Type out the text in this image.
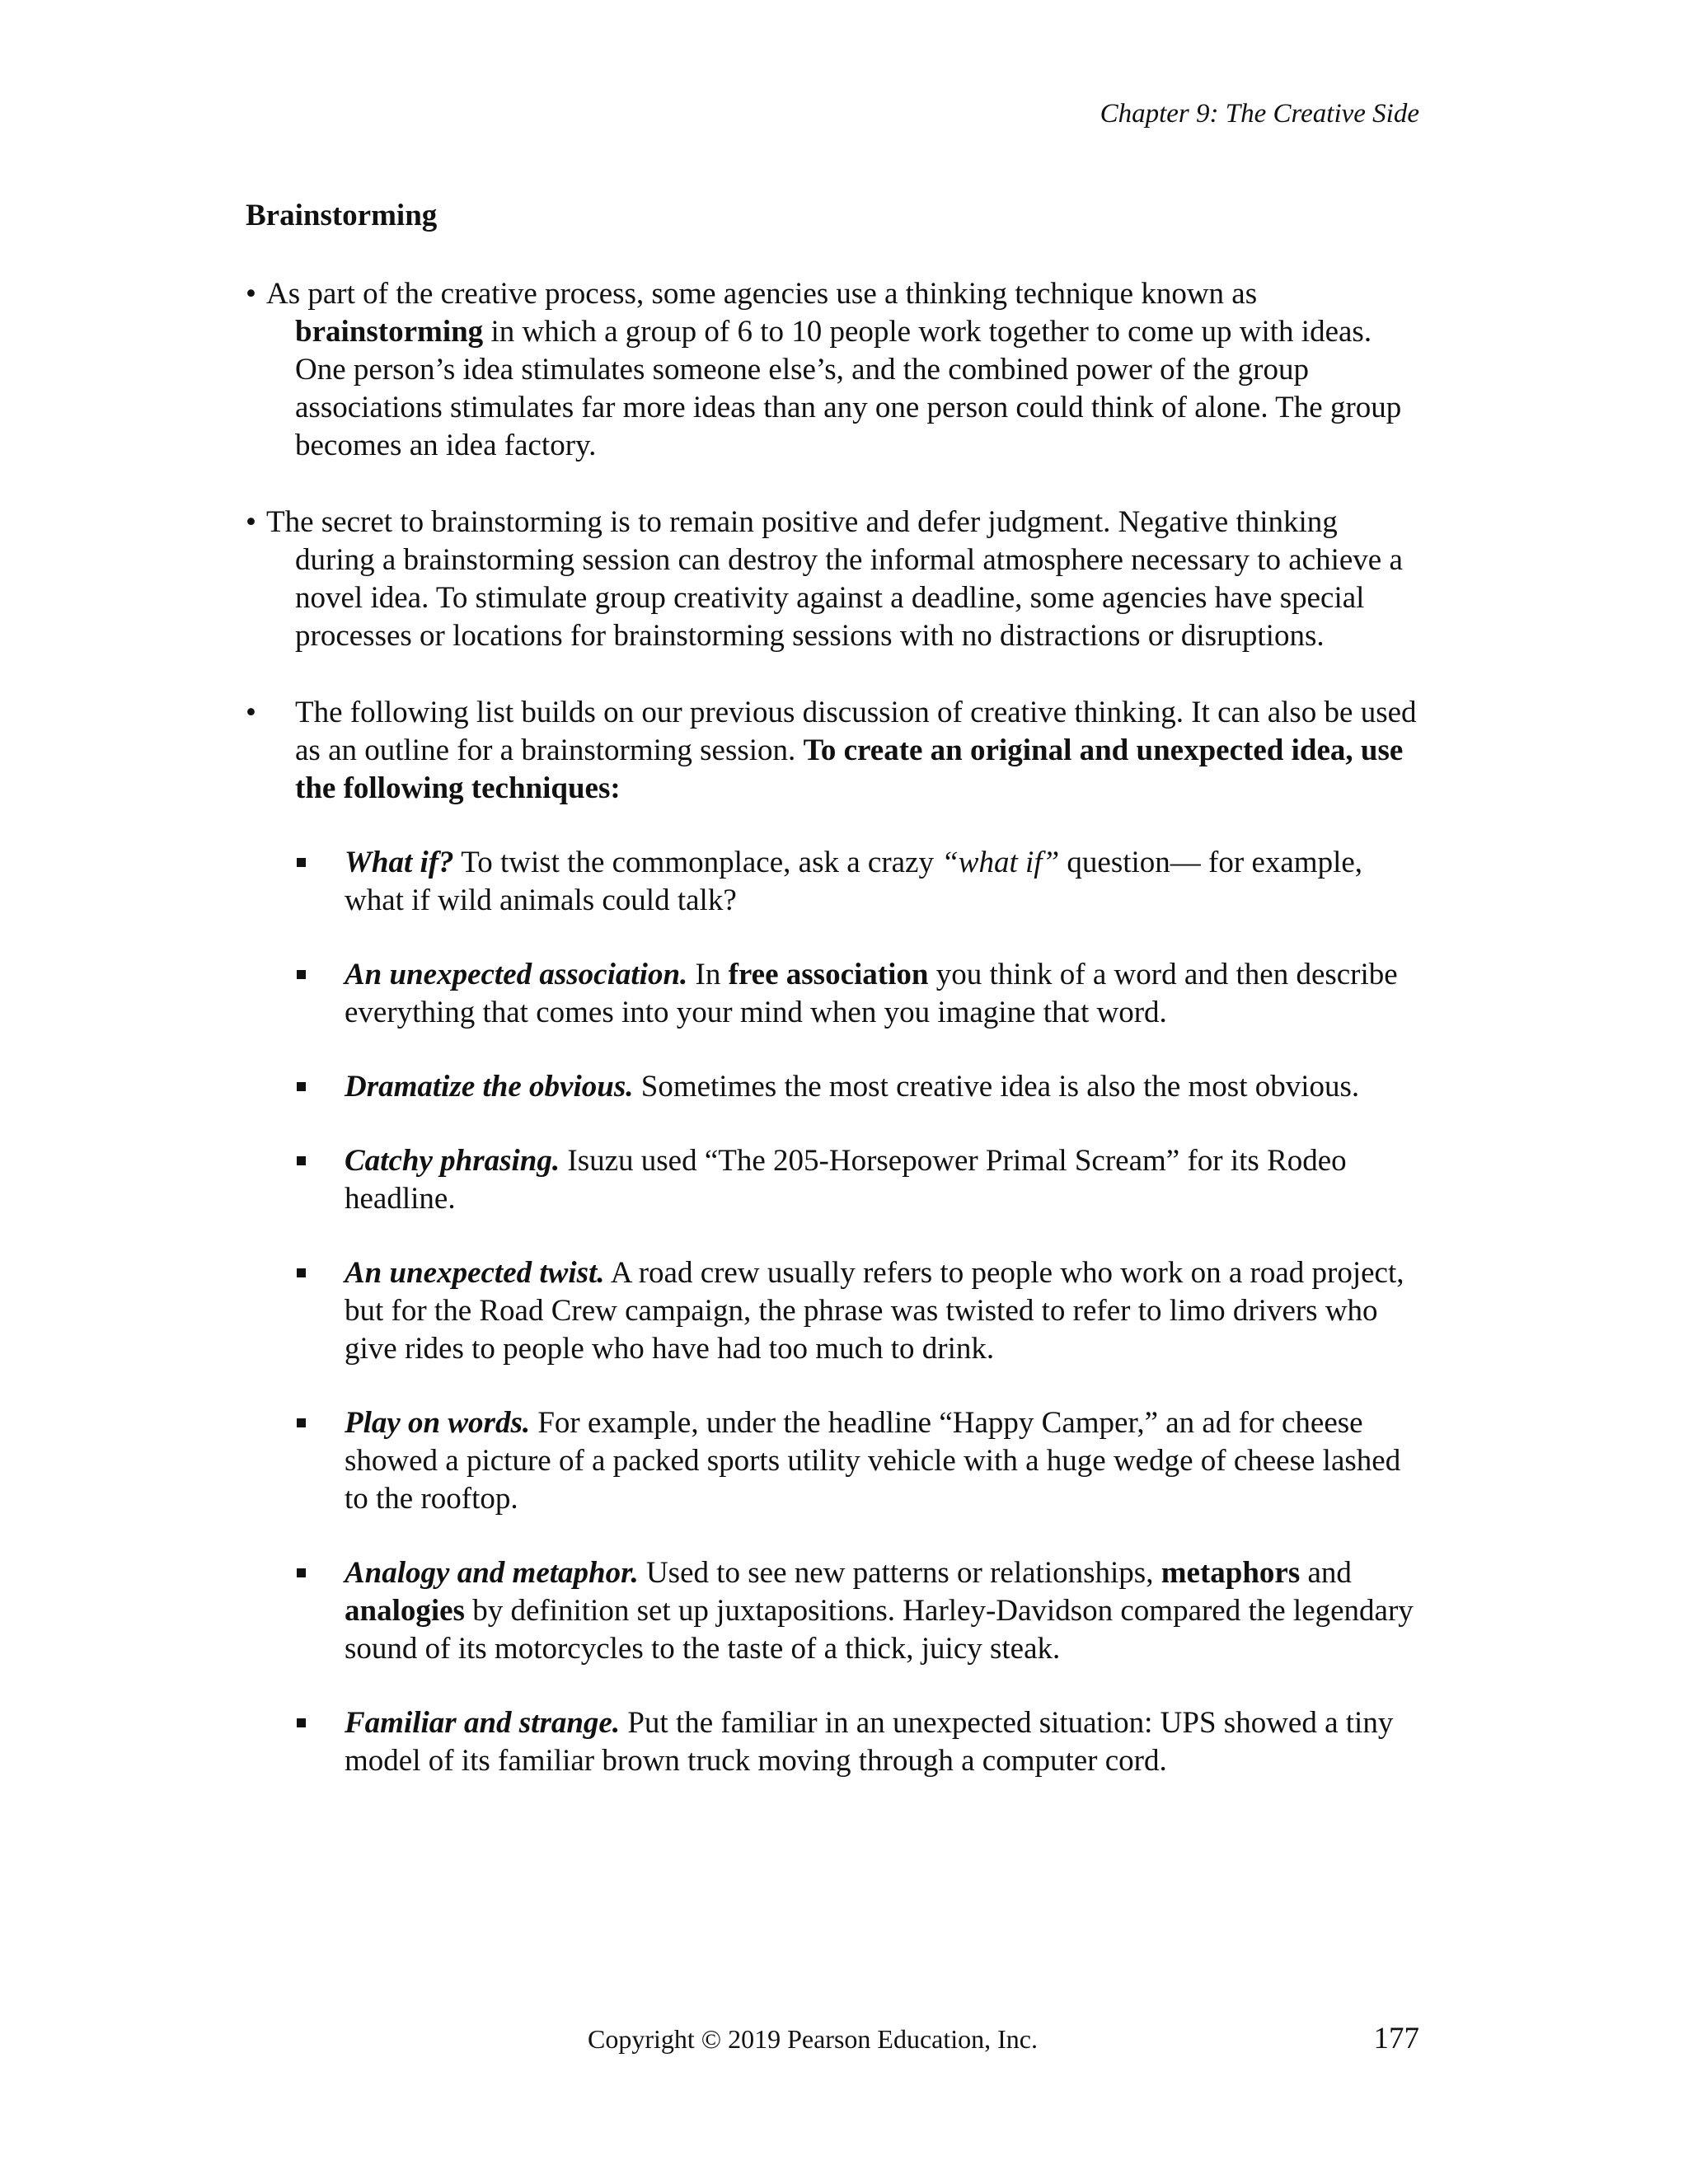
Chapter 9: The Creative Side
Brainstorming
• As part of the creative process, some agencies use a thinking technique known as
brainstorming in which a group of 6 to 10 people work together to come up with ideas. One person’s idea stimulates someone else’s, and the combined power of the group associations stimulates far more ideas than any one person could think of alone. The group becomes an idea factory.
• The secret to brainstorming is to remain positive and defer judgment. Negative thinking during a brainstorming session can destroy the informal atmosphere necessary to achieve a novel idea. To stimulate group creativity against a deadline, some agencies have special processes or locations for brainstorming sessions with no distractions or disruptions.
• The following list builds on our previous discussion of creative thinking. It can also be used as an outline for a brainstorming session. To create an original and unexpected idea, use the following techniques:
What if? To twist the commonplace, ask a crazy “what if” question— for example, what if wild animals could talk?
An unexpected association. In free association you think of a word and then describe everything that comes into your mind when you imagine that word.
Dramatize the obvious. Sometimes the most creative idea is also the most obvious.
Catchy phrasing. Isuzu used “The 205-Horsepower Primal Scream” for its Rodeo headline.
An unexpected twist. A road crew usually refers to people who work on a road project, but for the Road Crew campaign, the phrase was twisted to refer to limo drivers who give rides to people who have had too much to drink.
Play on words. For example, under the headline “Happy Camper,” an ad for cheese showed a picture of a packed sports utility vehicle with a huge wedge of cheese lashed to the rooftop.
Analogy and metaphor. Used to see new patterns or relationships, metaphors and analogies by definition set up juxtapositions. Harley-Davidson compared the legendary sound of its motorcycles to the taste of a thick, juicy steak.
Familiar and strange. Put the familiar in an unexpected situation: UPS showed a tiny model of its familiar brown truck moving through a computer cord.
Copyright © 2019 Pearson Education, Inc.	177
